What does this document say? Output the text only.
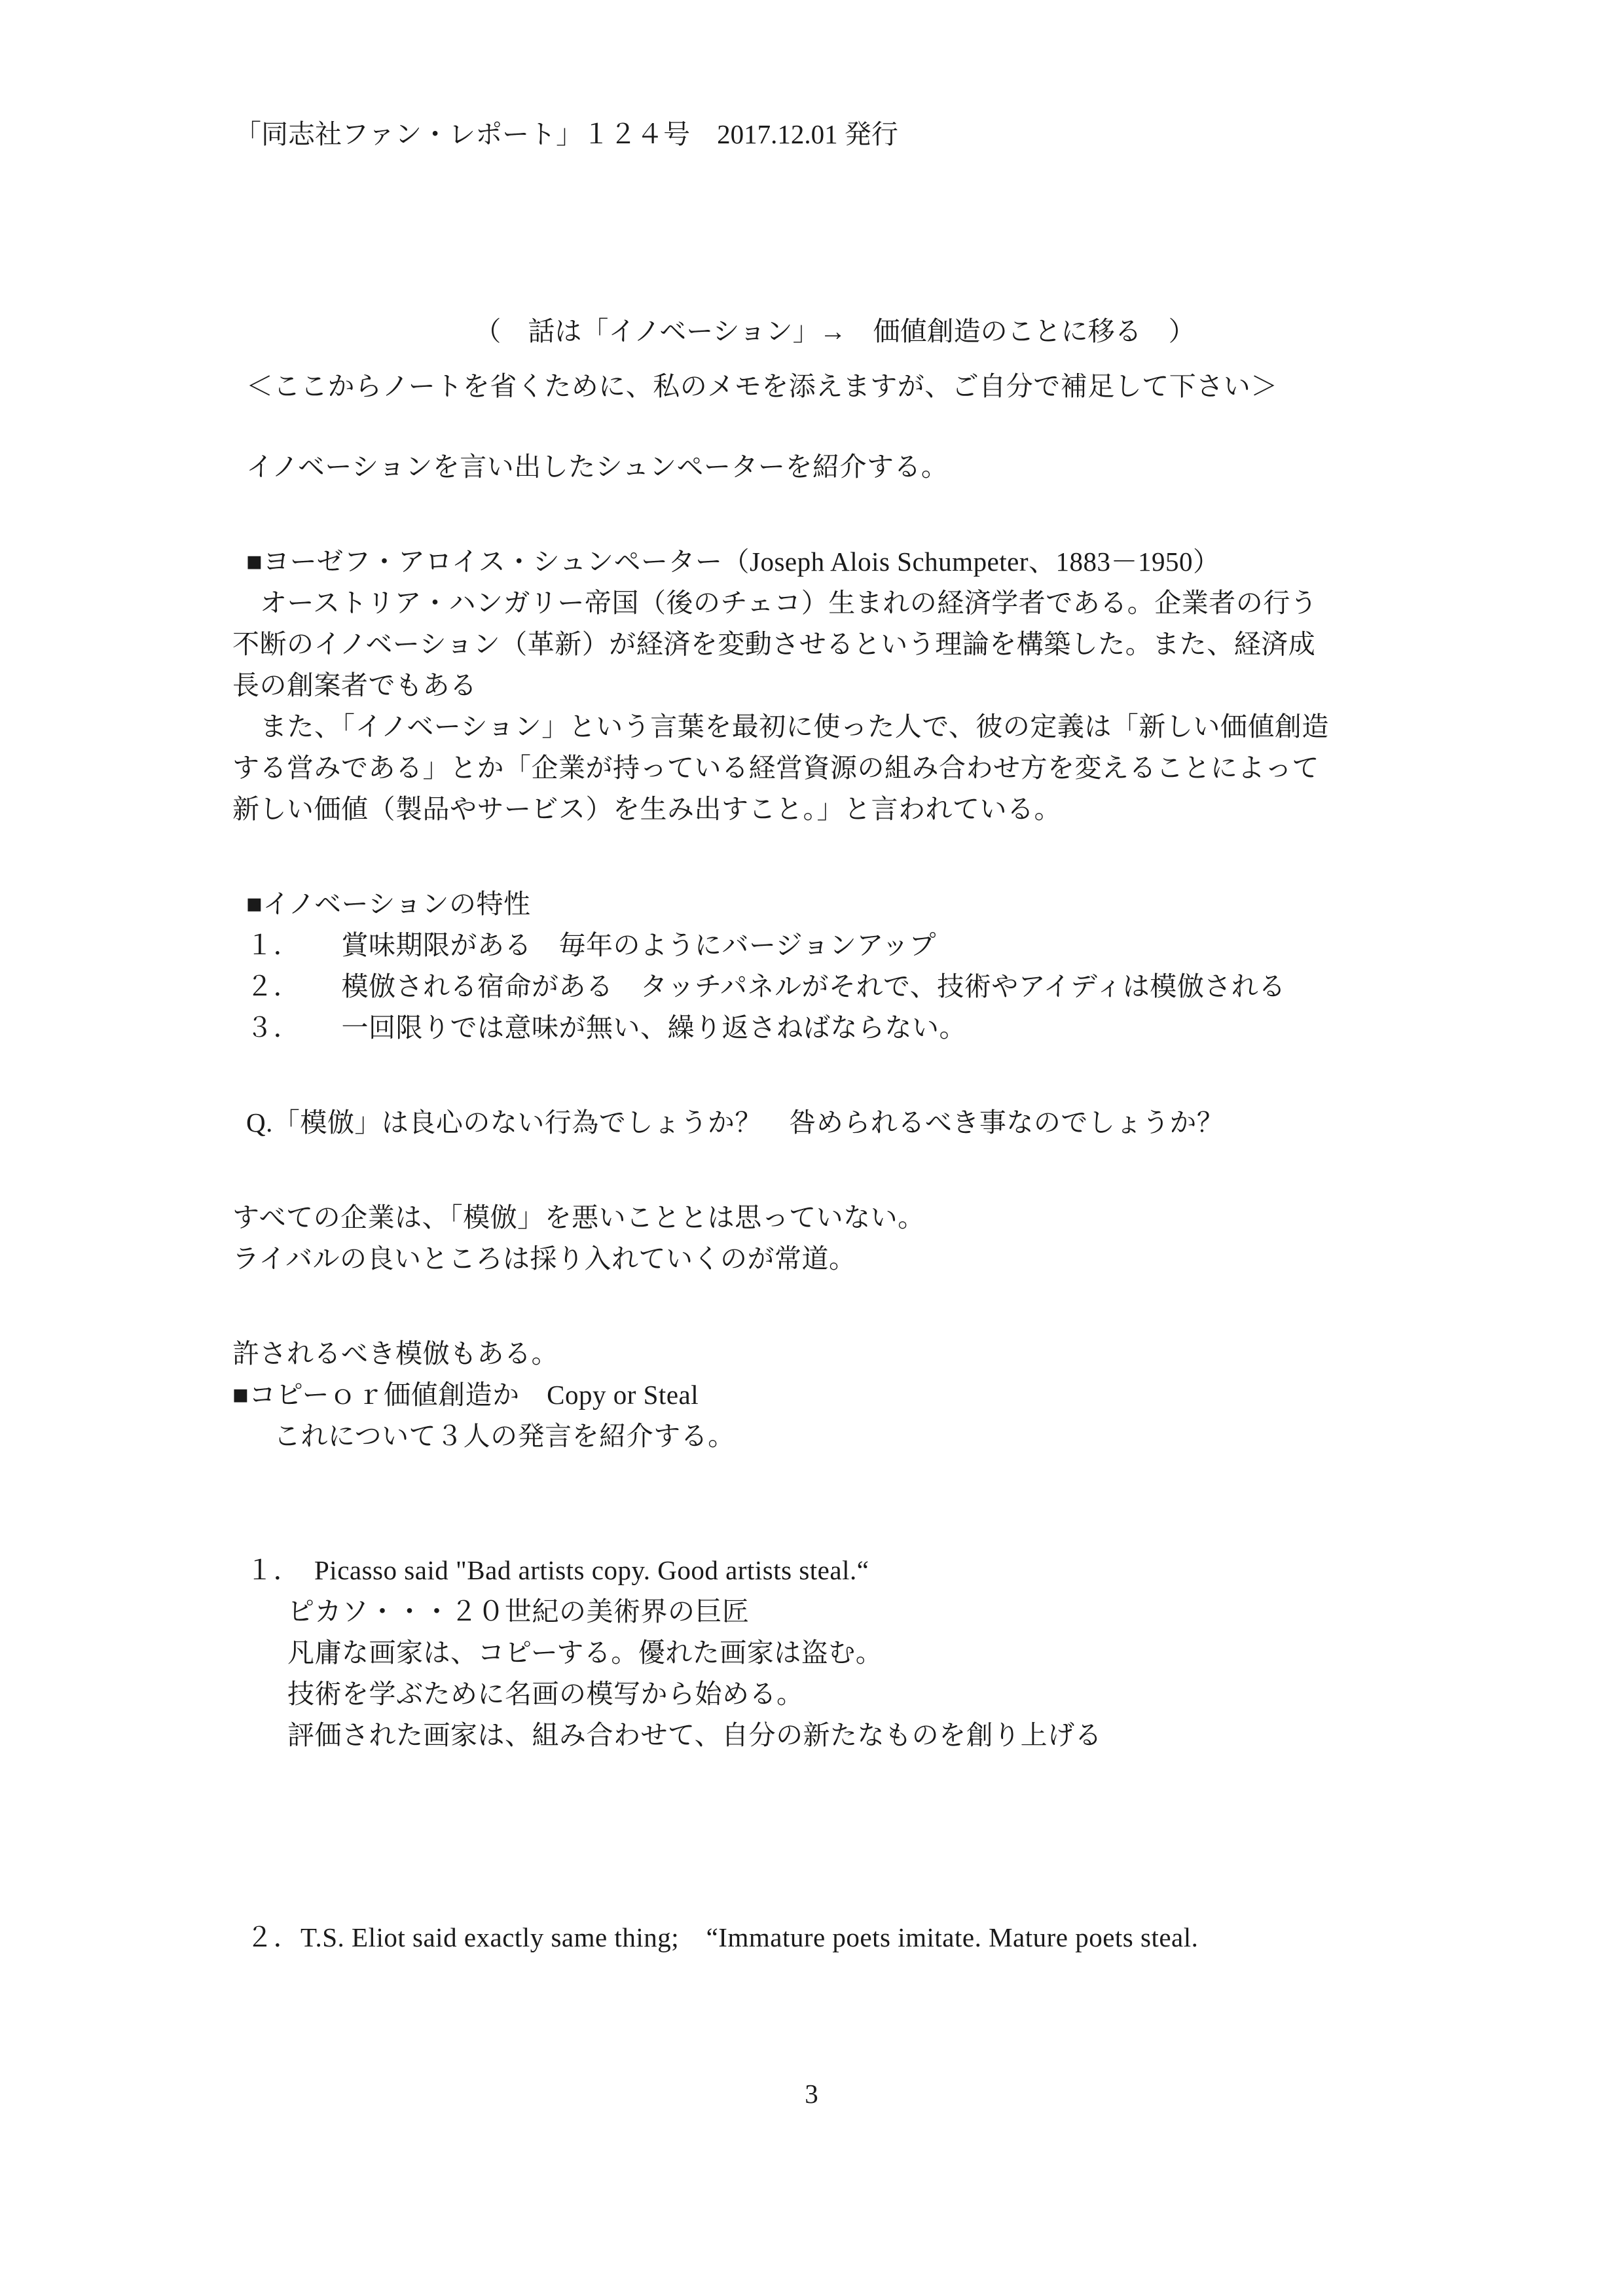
「同志社ファン・レポート」１２４号　2017.12.01 発行

（　話は「イノベーション」→　価値創造のことに移る　）

＜ここからノートを省くために、私のメモを添えますが、ご自分で補足して下さい＞
イノベーションを言い出したシュンペーターを紹介する。
■ヨーゼフ・アロイス・シュンペーター（Joseph Alois Schumpeter、1883－1950）
オーストリア・ハンガリー帝国（後のチェコ）生まれの経済学者である。企業者の行う
不断のイノベーション（革新）が経済を変動させるという理論を構築した。また、経済成
長の創案者でもある
また、「イノベーション」という言葉を最初に使った人で、彼の定義は「新しい価値創造
する営みである」とか「企業が持っている経営資源の組み合わせ方を変えることによって
新しい価値（製品やサービス）を生み出すこと。」と言われている。
■イノベーションの特性
１．　　賞味期限がある　毎年のようにバージョンアップ
２．　　模倣される宿命がある　タッチパネルがそれで、技術やアイディは模倣される
３．　　一回限りでは意味が無い、繰り返さねばならない。
Q.「模倣」は良心のない行為でしょうか？　咎められるべき事なのでしょうか？
すべての企業は、「模倣」を悪いこととは思っていない。
ライバルの良いところは採り入れていくのが常道。
許されるべき模倣もある。
■コピーｏｒ価値創造か　Copy or Steal
これについて３人の発言を紹介する。
１．　Picasso said "Bad artists copy. Good artists steal.“
ピカソ・・・２０世紀の美術界の巨匠
凡庸な画家は、コピーする。優れた画家は盗む。
技術を学ぶために名画の模写から始める。
評価された画家は、組み合わせて、自分の新たなものを創り上げる
２．T.S. Eliot said exactly same thing;　“Immature poets imitate. Mature poets steal.
3
